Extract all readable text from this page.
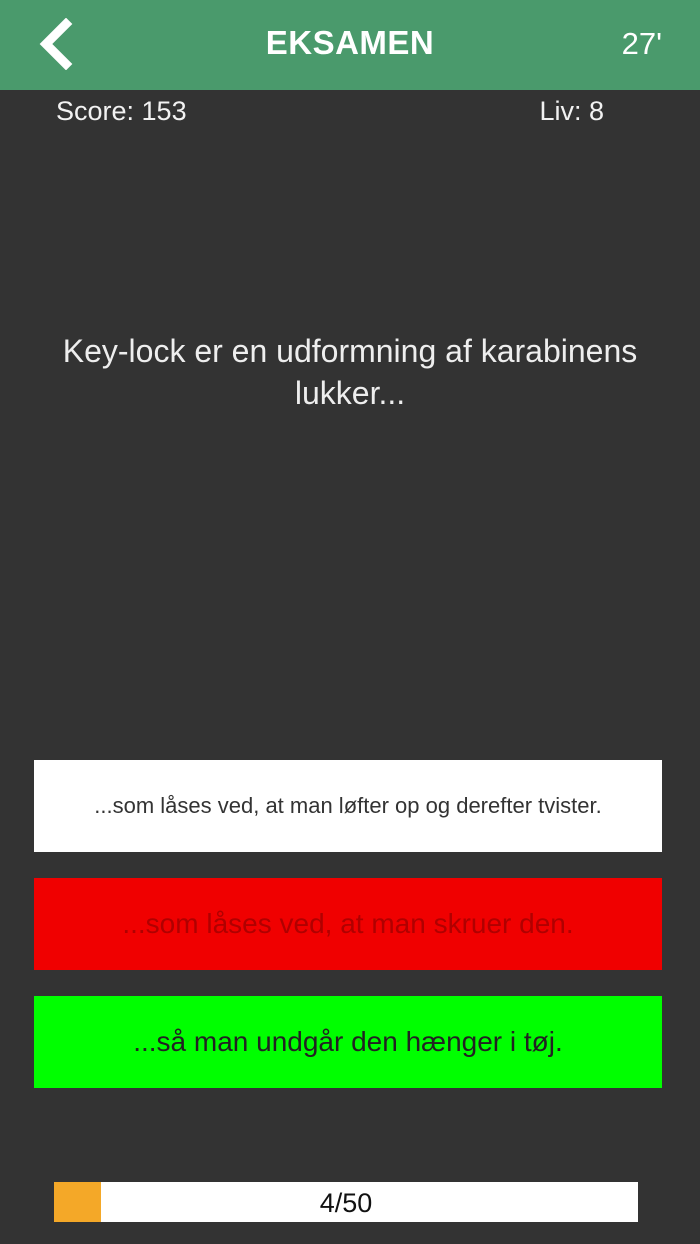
EKSAMEN	27'
Score: 153	Liv: 8
Key-lock er en udformning af karabinens lukker...
...som låses ved, at man løfter op og derefter tvister.
...som låses ved, at man skruer den.
...så man undgår den hænger i tøj.
4/50
